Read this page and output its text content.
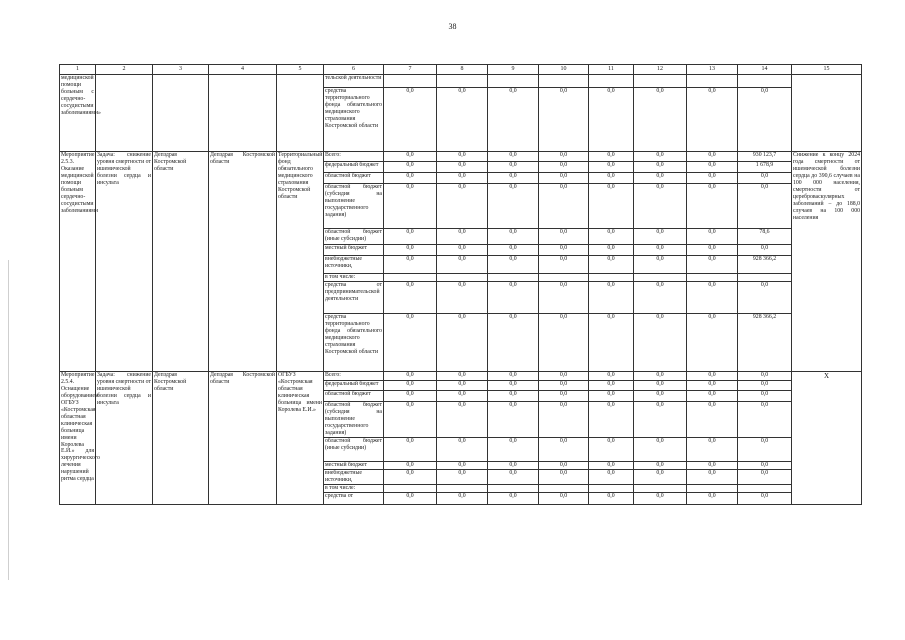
38
1	2	3	4	5	6	7	8	9	10	11	12	13	14	15
медицинской помощи больным с сердечно-сосудистыми заболеваниями»					тельской деятельности									
					средства территориального фонда обязательного медицинского страхования Костромской области	0,0	0,0	0,0	0,0	0,0	0,0	0,0	0,0	
Мероприятие 2.5.3. Оказание медицинской помощи больным сердечно-сосудистыми заболеваниями	Задача: снижение уровня смертности от ишемической болезни сердца и инсульта	Депздрав Костромской области	Депздрав Костромской области	Территориальный фонд обязательного медицинского страхования Костромской области	Всего:	0,0	0,0	0,0	0,0	0,0	0,0	0,0	930 123,7	Снижение к концу 2024 года смертности от ишемической болезни сердца до 390,6 случаев на 100 000 населения, смертности от цереброваскулярных заболеваний – до 188,0 случаев на 100 000 населения
					федеральный бюджет	0,0	0,0	0,0	0,0	0,0	0,0	0,0	1 678,9	
					областной бюджет	0,0	0,0	0,0	0,0	0,0	0,0	0,0	0,0	
					областной бюджет (субсидия на выполнение государственного задания)	0,0	0,0	0,0	0,0	0,0	0,0	0,0	0,0	
					областной бюджет (иные субсидии)	0,0	0,0	0,0	0,0	0,0	0,0	0,0	78,6	
					местный бюджет	0,0	0,0	0,0	0,0	0,0	0,0	0,0	0,0	
					внебюджетные источники,	0,0	0,0	0,0	0,0	0,0	0,0	0,0	928 366,2	
					в том числе:									
					средства от предпринимательской деятельности	0,0	0,0	0,0	0,0	0,0	0,0	0,0	0,0	
					средства территориального фонда обязательного медицинского страхования Костромской области	0,0	0,0	0,0	0,0	0,0	0,0	0,0	928 366,2	
Мероприятие 2.5.4. Оснащение оборудованием ОГБУЗ «Костромская областная клиническая больница имени Королева Е.И.» для хирургического лечения нарушений ритма сердца	Задача: снижение уровня смертности от ишемической болезни сердца и инсульта	Депздрав Костромской области	Депздрав Костромской области	ОГБУЗ «Костромская областная клиническая больница имени Королева Е.И.»	Всего:	0,0	0,0	0,0	0,0	0,0	0,0	0,0	0,0	Х
					федеральный бюджет	0,0	0,0	0,0	0,0	0,0	0,0	0,0	0,0	
					областной бюджет	0,0	0,0	0,0	0,0	0,0	0,0	0,0	0,0	
					областной бюджет (субсидия на выполнение государственного задания)	0,0	0,0	0,0	0,0	0,0	0,0	0,0	0,0	
					областной бюджет (иные субсидии)	0,0	0,0	0,0	0,0	0,0	0,0	0,0	0,0	
					местный бюджет	0,0	0,0	0,0	0,0	0,0	0,0	0,0	0,0	
					внебюджетные источники,	0,0	0,0	0,0	0,0	0,0	0,0	0,0	0,0	
					в том числе:									
					средства от	0,0	0,0	0,0	0,0	0,0	0,0	0,0	0,0	
